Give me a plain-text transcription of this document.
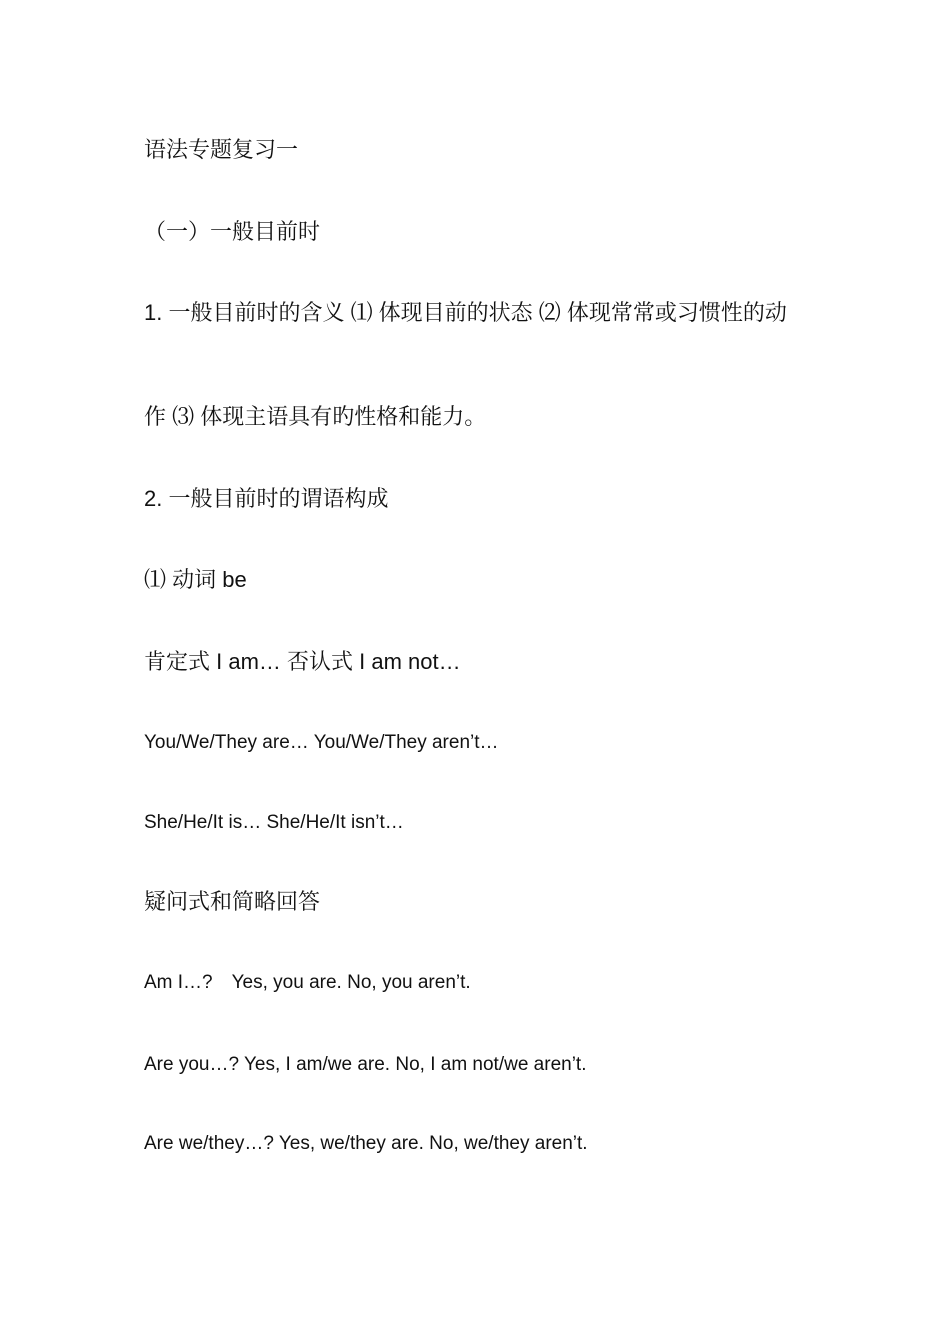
语法专题复习一
（一）一般目前时
1. 一般目前时的含义 ⑴ 体现目前的状态 ⑵ 体现常常或习惯性的动
作 ⑶ 体现主语具有旳性格和能力。
2. 一般目前时的谓语构成
⑴ 动词 be
肯定式 I am… 否认式 I am not…
You/We/They are… You/We/They aren’t…
She/He/It is… She/He/It isn’t…
疑问式和简略回答
Am I…?　Yes, you are. No, you aren’t.
Are you…? Yes, I am/we are. No, I am not/we aren’t.
Are we/they…? Yes, we/they are. No, we/they aren’t.
